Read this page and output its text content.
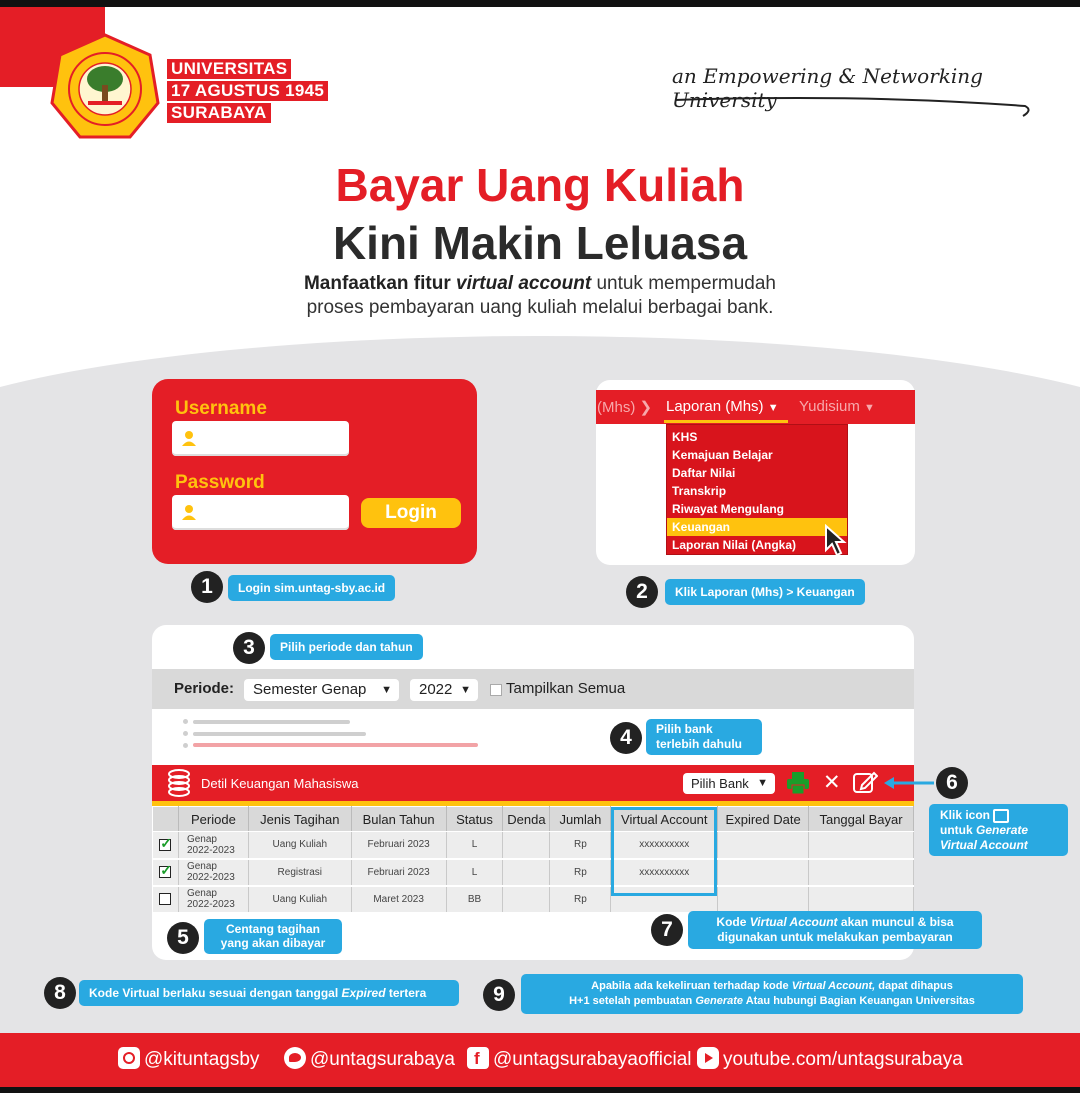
UNIVERSITAS
17 AGUSTUS 1945
SURABAYA
an Empowering & Networking University
Bayar Uang Kuliah
Kini Makin Leluasa
Manfaatkan fitur virtual account untuk mempermudah
proses pembayaran uang kuliah melalui berbagai bank.
Username
Password
Login
(Mhs) ❯ Laporan (Mhs) ▼ Yudisium ▼
KHS
Kemajuan Belajar
Daftar Nilai
Transkrip
Riwayat Mengulang
Keuangan
Laporan Nilai (Angka)
1	Login sim.untag-sby.ac.id	2	Klik Laporan (Mhs) > Keuangan
3	Pilih periode dan tahun
Periode:	Semester Genap ▼	2022 ▼ Tampilkan Semua
4	Pilih bank
terlebih dahulu
Detil Keuangan Mahasiswa	Pilih Bank ▼	✕	6
Klik icon
untuk Generate
Virtual Account
	Periode	Jenis Tagihan	Bulan Tahun	Status	Denda	Jumlah	Virtual Account	Expired Date	Tanggal Bayar

✓	Genap
2022-2023	Uang Kuliah	Februari 2023	L		Rp	xxxxxxxxxx		

✓	Genap
2022-2023	Registrasi	Februari 2023	L		Rp	xxxxxxxxxx		
	Genap
2022-2023	Uang Kuliah	Maret 2023	BB		Rp			
5	Centang tagihan
yang akan dibayar
7	Kode Virtual Account akan muncul & bisa
digunakan untuk melakukan pembayaran
8	Kode Virtual berlaku sesuai dengan tanggal Expired tertera	9	Apabila ada kekeliruan terhadap kode Virtual Account, dapat dihapus
H+1 setelah pembuatan Generate Atau hubungi Bagian Keuangan Universitas
@kituntagsby	@untagsurabaya f @untagsurabayaofficial	youtube.com/untagsurabaya
